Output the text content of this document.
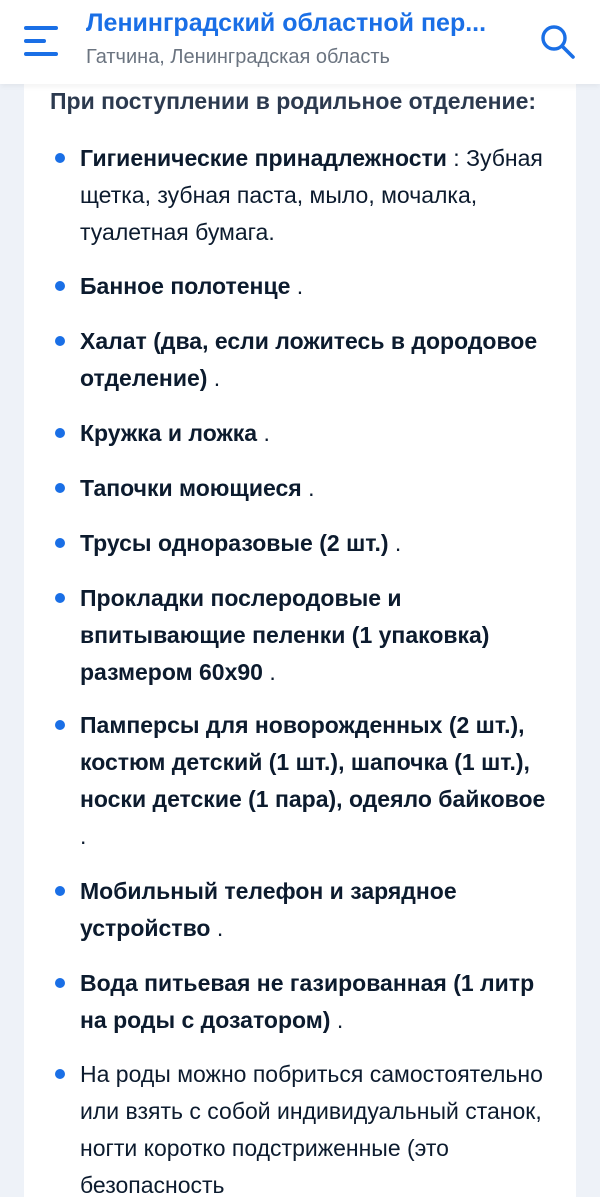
Ленинградский областной пер...
Гатчина, Ленинградская область
При поступлении в родильное отделение:
Гигиенические принадлежности : Зубная щетка, зубная паста, мыло, мочалка, туалетная бумага.
Банное полотенце .
Халат (два, если ложитесь в дородовое отделение) .
Кружка и ложка .
Тапочки моющиеся .
Трусы одноразовые (2 шт.) .
Прокладки послеродовые и впитывающие пеленки (1 упаковка) размером 60х90 .
Памперсы для новорожденных (2 шт.), костюм детский (1 шт.), шапочка (1 шт.), носки детские (1 пара), одеяло байковое .
Мобильный телефон и зарядное устройство .
Вода питьевая не газированная (1 литр на роды с дозатором) .
На роды можно побриться самостоятельно или взять с собой индивидуальный станок, ногти коротко подстриженные (это безопасность
